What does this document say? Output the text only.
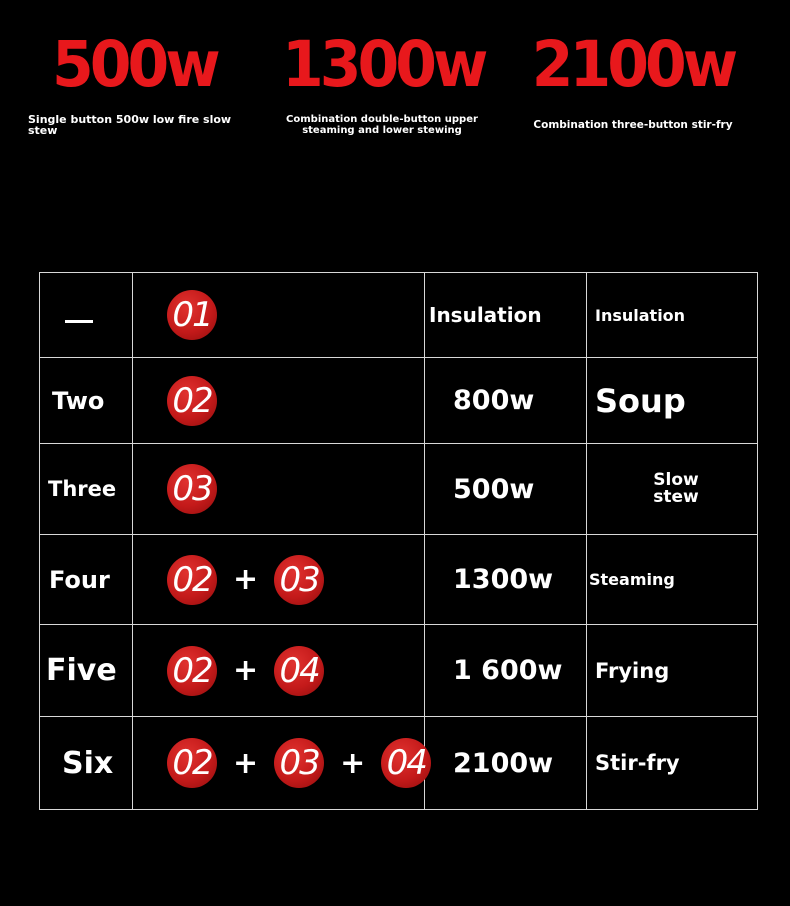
500w
Single button 500w low fire slow stew
1300w
Combination double-button upper steaming and lower stewing
2100w
Combination three-button stir-fry
	01	Insulation	Insulation
Two	02	800w	Soup
Three	03	500w	Slow stew
Four	02 + 03	1300w	Steaming
Five	02 + 04	1 600w	Frying
Six	02 + 03 + 04	2100w	Stir-fry
